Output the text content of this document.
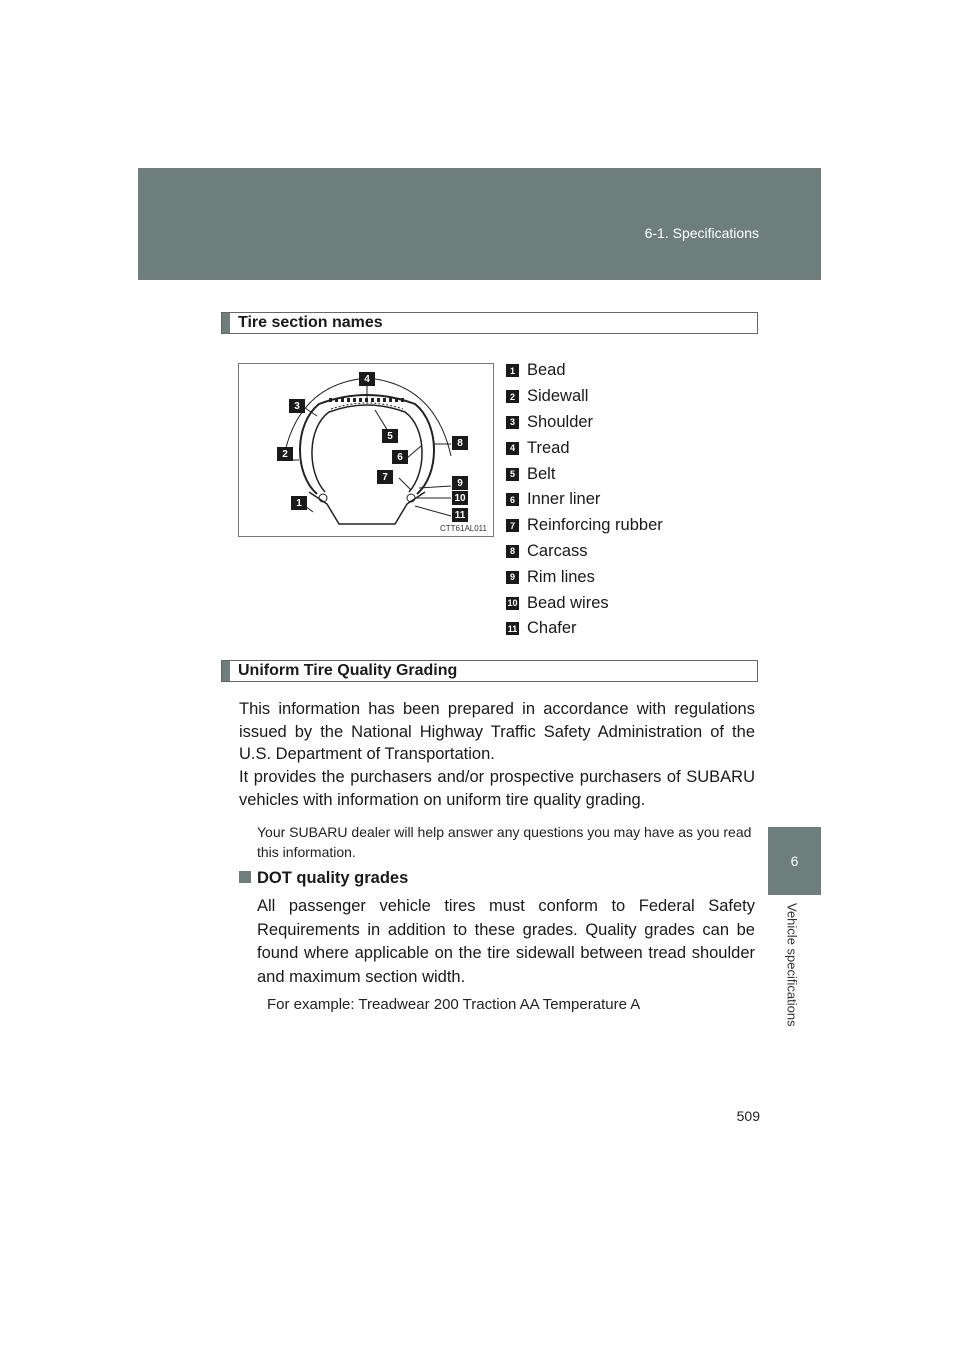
6-1. Specifications
6
Vehicle specifications
Tire section names
1
2
3
4
5
6
7
8
9
10
11
CTT61AL011
1 Bead
2 Sidewall
3 Shoulder
4 Tread
5 Belt
6 Inner liner
7 Reinforcing rubber
8 Carcass
9 Rim lines
10 Bead wires
11 Chafer
Uniform Tire Quality Grading

This information has been prepared in accordance with regulations issued by the National Highway Traffic Safety Administration of the U.S. Department of Transportation.

It provides the purchasers and/or prospective purchasers of SUBARU vehicles with information on uniform tire quality grading.

Your SUBARU dealer will help answer any questions you may have as you read this information.

DOT quality grades

All passenger vehicle tires must conform to Federal Safety Requirements in addition to these grades. Quality grades can be found where applicable on the tire sidewall between tread shoulder and maximum section width.

For example: Treadwear 200 Traction AA Temperature A
509
